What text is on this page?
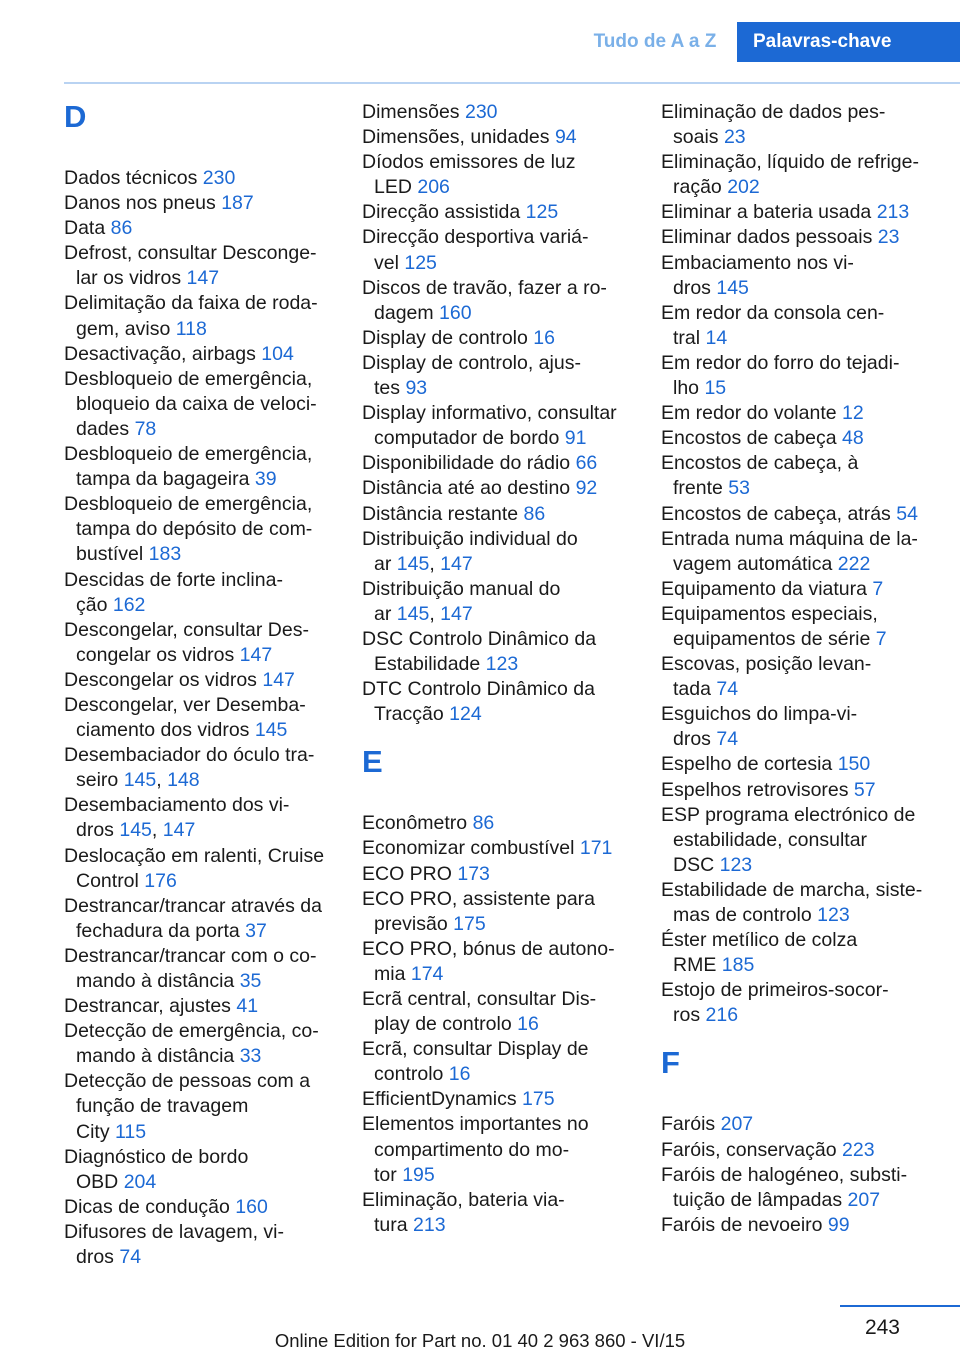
Tudo de A a Z	Palavras-chave
D
Dados técnicos 230
Danos nos pneus 187
Data 86
Defrost, consultar Desconge-
lar os vidros 147
Delimitação da faixa de roda-
gem, aviso 118
Desactivação, airbags 104
Desbloqueio de emergência,
bloqueio da caixa de veloci-
dades 78
Desbloqueio de emergência,
tampa da bagageira 39
Desbloqueio de emergência,
tampa do depósito de com-
bustível 183
Descidas de forte inclina-
ção 162
Descongelar, consultar Des-
congelar os vidros 147
Descongelar os vidros 147
Descongelar, ver Desemba-
ciamento dos vidros 145
Desembaciador do óculo tra-
seiro 145, 148
Desembaciamento dos vi-
dros 145, 147
Deslocação em ralenti, Cruise
Control 176
Destrancar/trancar através da
fechadura da porta 37
Destrancar/trancar com o co-
mando à distância 35
Destrancar, ajustes 41
Detecção de emergência, co-
mando à distância 33
Detecção de pessoas com a
função de travagem
City 115
Diagnóstico de bordo
OBD 204
Dicas de condução 160
Difusores de lavagem, vi-
dros 74
Dimensões 230
Dimensões, unidades 94
Díodos emissores de luz
LED 206
Direcção assistida 125
Direcção desportiva variá-
vel 125
Discos de travão, fazer a ro-
dagem 160
Display de controlo 16
Display de controlo, ajus-
tes 93
Display informativo, consultar
computador de bordo 91
Disponibilidade do rádio 66
Distância até ao destino 92
Distância restante 86
Distribuição individual do
ar 145, 147
Distribuição manual do
ar 145, 147
DSC Controlo Dinâmico da
Estabilidade 123
DTC Controlo Dinâmico da
Tracção 124
E
Econômetro 86
Economizar combustível 171
ECO PRO 173
ECO PRO, assistente para
previsão 175
ECO PRO, bónus de autono-
mia 174
Ecrã central, consultar Dis-
play de controlo 16
Ecrã, consultar Display de
controlo 16
EfficientDynamics 175
Elementos importantes no
compartimento do mo-
tor 195
Eliminação, bateria via-
tura 213
Eliminação de dados pes-
soais 23
Eliminação, líquido de refrige-
ração 202
Eliminar a bateria usada 213
Eliminar dados pessoais 23
Embaciamento nos vi-
dros 145
Em redor da consola cen-
tral 14
Em redor do forro do tejadi-
lho 15
Em redor do volante 12
Encostos de cabeça 48
Encostos de cabeça, à
frente 53
Encostos de cabeça, atrás 54
Entrada numa máquina de la-
vagem automática 222
Equipamento da viatura 7
Equipamentos especiais,
equipamentos de série 7
Escovas, posição levan-
tada 74
Esguichos do limpa-vi-
dros 74
Espelho de cortesia 150
Espelhos retrovisores 57
ESP programa electrónico de
estabilidade, consultar
DSC 123
Estabilidade de marcha, siste-
mas de controlo 123
Éster metílico de colza
RME 185
Estojo de primeiros-socor-
ros 216
F
Faróis 207
Faróis, conservação 223
Faróis de halogéneo, substi-
tuição de lâmpadas 207
Faróis de nevoeiro 99
243
Online Edition for Part no. 01 40 2 963 860 - VI/15
